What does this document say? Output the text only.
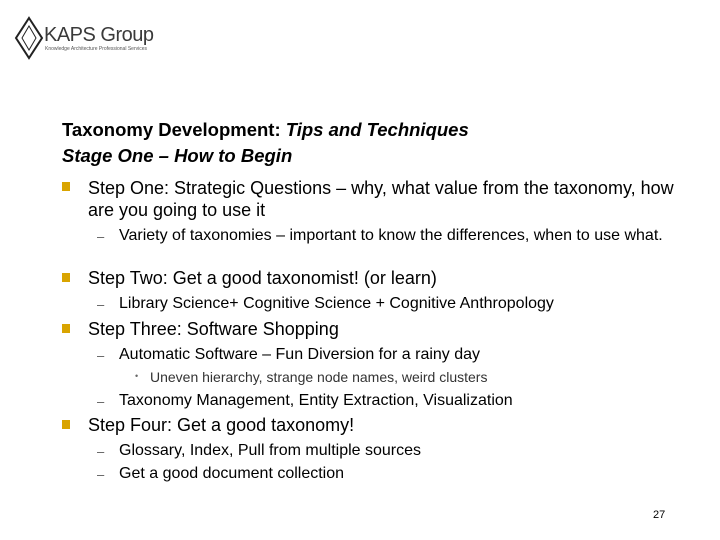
KAPS Group
Knowledge Architecture Professional Services
Taxonomy Development: Tips and Techniques
Stage One – How to Begin
Step One: Strategic Questions – why, what value from the taxonomy, how are you going to use it
– Variety of taxonomies – important to know the differences, when to use what.
Step Two: Get a good taxonomist! (or learn)
– Library Science+ Cognitive Science + Cognitive Anthropology
Step Three: Software Shopping
– Automatic Software – Fun Diversion for a rainy day
• Uneven hierarchy, strange node names, weird clusters
– Taxonomy Management, Entity Extraction, Visualization
Step Four: Get a good taxonomy!
– Glossary, Index, Pull from multiple sources
– Get a good document collection
27
